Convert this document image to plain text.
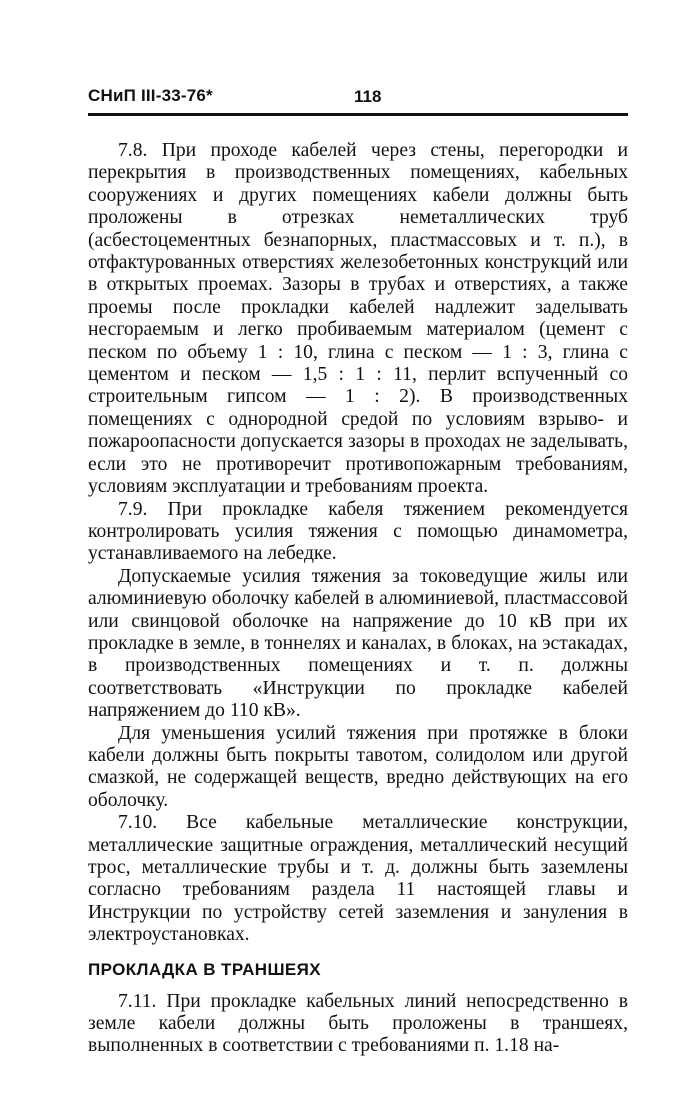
СНиП III-33-76*	118

7.8. При проходе кабелей через стены, перегородки и перекрытия в производственных помещениях, кабельных сооружениях и других помещениях кабели должны быть проложены в отрезках неметаллических труб (асбестоцементных безнапорных, пластмассовых и т. п.), в отфактурованных отверстиях железобетонных конструкций или в открытых проемах. Зазоры в трубах и отверстиях, а также проемы после прокладки кабелей надлежит заделывать несгораемым и легко пробиваемым материалом (цемент с песком по объему 1 : 10, глина с песком — 1 : 3, глина с цементом и песком — 1,5 : 1 : 11, перлит вспученный со строительным гипсом — 1 : 2). В производственных помещениях с однородной средой по условиям взрыво- и пожароопасности допускается зазоры в проходах не заделывать, если это не противоречит противопожарным требованиям, условиям эксплуатации и требованиям проекта.

7.9. При прокладке кабеля тяжением рекомендуется контролировать усилия тяжения с помощью динамометра, устанавливаемого на лебедке.

Допускаемые усилия тяжения за токоведущие жилы или алюминиевую оболочку кабелей в алюминиевой, пластмассовой или свинцовой оболочке на напряжение до 10 кВ при их прокладке в земле, в тоннелях и каналах, в блоках, на эстакадах, в производственных помещениях и т. п. должны соответствовать «Инструкции по прокладке кабелей напряжением до 110 кВ».

Для уменьшения усилий тяжения при протяжке в блоки кабели должны быть покрыты тавотом, солидолом или другой смазкой, не содержащей веществ, вредно действующих на его оболочку.

7.10. Все кабельные металлические конструкции, металлические защитные ограждения, металлический несущий трос, металлические трубы и т. д. должны быть заземлены согласно требованиям раздела 11 настоящей главы и Инструкции по устройству сетей заземления и зануления в электроустановках.

ПРОКЛАДКА В ТРАНШЕЯХ

7.11. При прокладке кабельных линий непосредственно в земле кабели должны быть проложены в траншеях, выполненных в соответствии с требованиями п. 1.18 на-
